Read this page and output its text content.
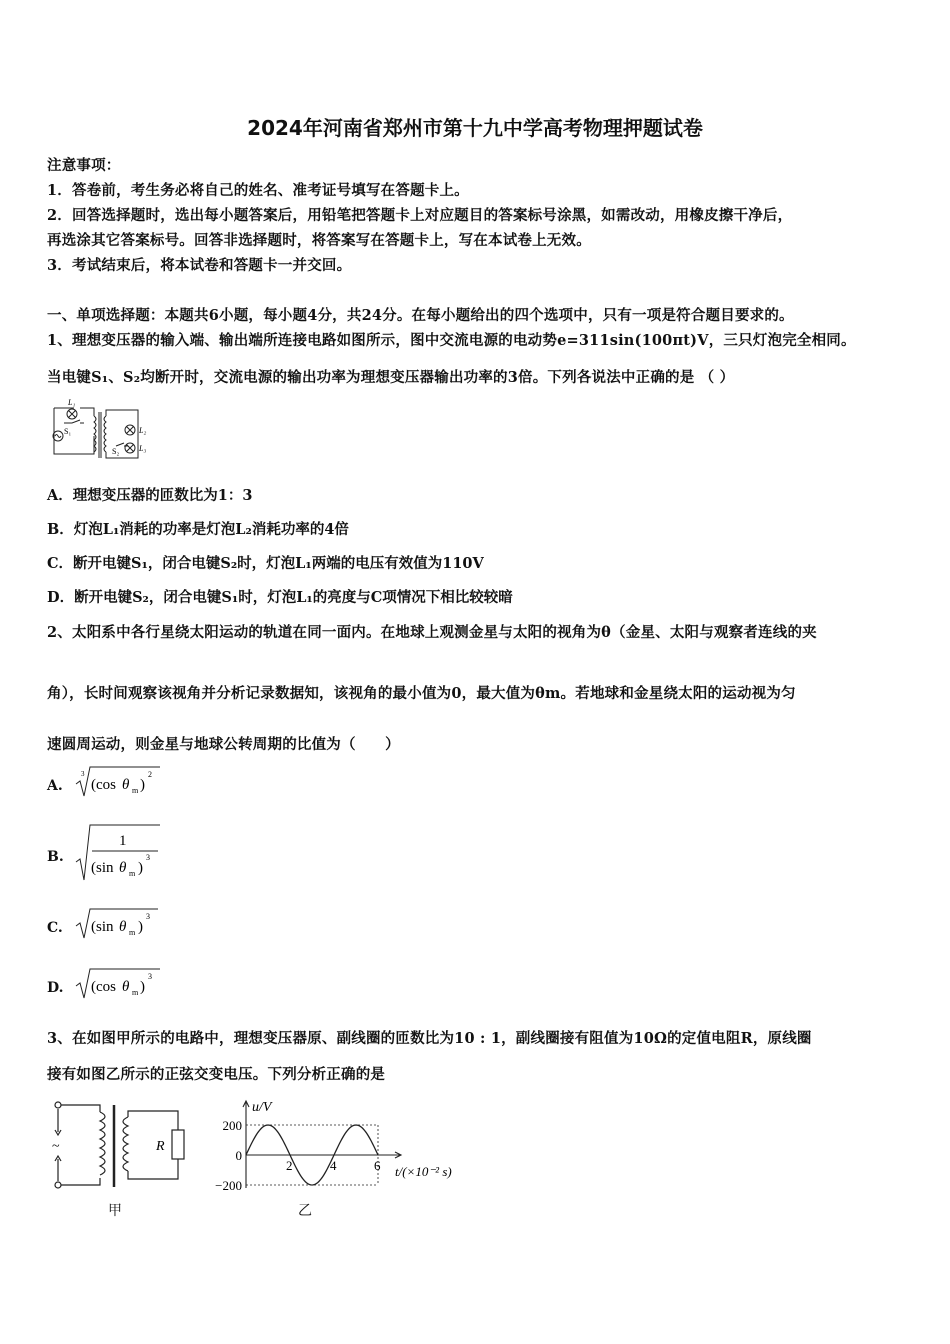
2024年河南省郑州市第十九中学高考物理押题试卷
注意事项：
1．答卷前，考生务必将自己的姓名、准考证号填写在答题卡上。
2．回答选择题时，选出每小题答案后，用铅笔把答题卡上对应题目的答案标号涂黑，如需改动，用橡皮擦干净后，
再选涂其它答案标号。回答非选择题时，将答案写在答题卡上，写在本试卷上无效。
3．考试结束后，将本试卷和答题卡一并交回。
一、单项选择题：本题共6小题，每小题4分，共24分。在每小题给出的四个选项中，只有一项是符合题目要求的。
1、理想变压器的输入端、输出端所连接电路如图所示，图中交流电源的电动势e=311sin(100πt)V，三只灯泡完全相同。
当电键S₁、S₂均断开时，交流电源的输出功率为理想变压器输出功率的3倍。下列各说法中正确的是 （ ）
L₁
S₁	L₂
S₂ L₃
A．理想变压器的匝数比为1：3
B．灯泡L₁消耗的功率是灯泡L₂消耗功率的4倍
C．断开电键S₁，闭合电键S₂时，灯泡L₁两端的电压有效值为110V
D．断开电键S₂，闭合电键S₁时，灯泡L₁的亮度与C项情况下相比较较暗
2、太阳系中各行星绕太阳运动的轨道在同一面内。在地球上观测金星与太阳的视角为θ（金星、太阳与观察者连线的夹
角），长时间观察该视角并分析记录数据知，该视角的最小值为0，最大值为θm。若地球和金星绕太阳的运动视为匀
速圆周运动，则金星与地球公转周期的比值为（　　）
A.
3
(cos θ m )
2
B.
1
(sin θ m )
3
C. (sin θ m )
3
D. (cos θ m )
3
3、在如图甲所示的电路中，理想变压器原、副线圈的匝数比为10 : 1，副线圈接有阻值为10Ω的定值电阻R，原线圈
接有如图乙所示的正弦交变电压。下列分析正确的是
~	R
甲
200
0
−200
2	4	6
u/V
t/(×10⁻² s)
乙
